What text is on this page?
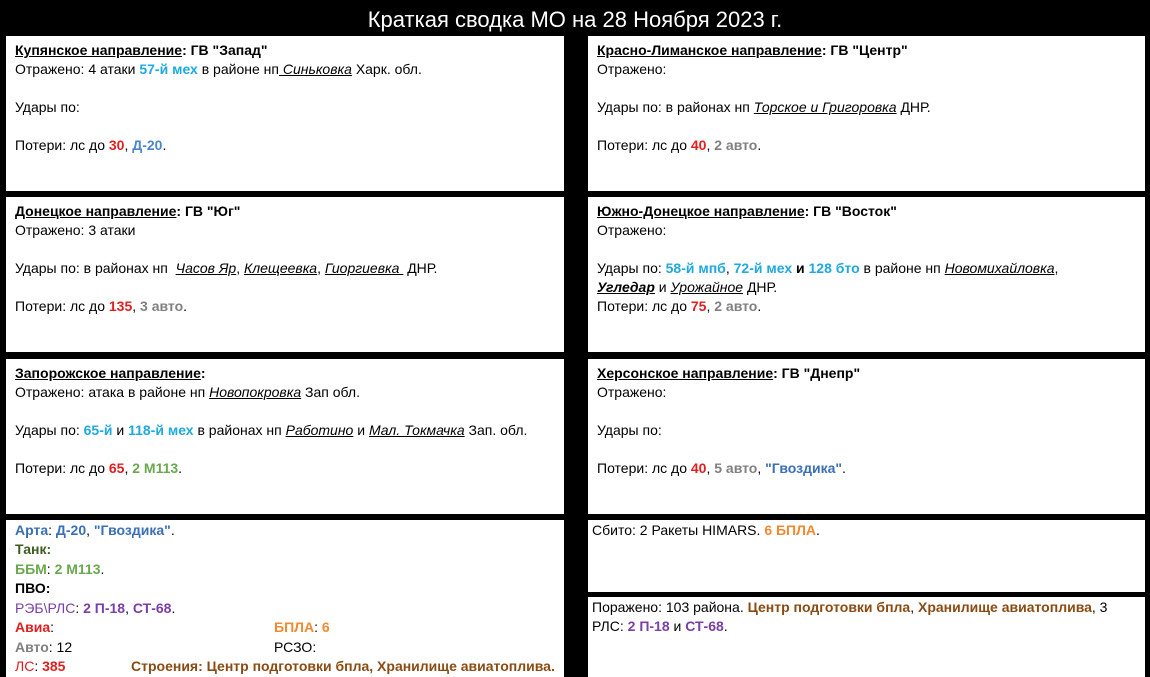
Краткая сводка МО на 28 Ноября 2023 г.
Купянское направление: ГВ "Запад"
Отражено: 4 атаки 57-й мех в районе нп Синьковка Харк. обл.
Удары по:
Потери: лс до 30, Д-20.
Красно-Лиманское направление: ГВ "Центр"
Отражено:
Удары по: в районах нп Торское и Григоровка ДНР.
Потери: лс до 40, 2 авто.
Донецкое направление: ГВ "Юг"
Отражено: 3 атаки
Удары по: в районах нп Часов Яр, Клещеевка, Гиоргиевка  ДНР.
Потери: лс до 135, 3 авто.
Южно-Донецкое направление: ГВ "Восток"
Отражено:
Удары по: 58-й мпб, 72-й мех и 128 бто в районе нп Новомихайловка,
Угледар и Урожайное ДНР.
Потери: лс до 75, 2 авто.
Запорожское направление:
Отражено: атака в районе нп Новопокровка Зап обл.
Удары по: 65-й и 118-й мех в районах нп Работино и Мал. Токмачка Зап. обл.
Потери: лс до 65, 2 М113.
Херсонское направление: ГВ "Днепр"
Отражено:
Удары по:
Потери: лс до 40, 5 авто, "Гвоздика".
Арта: Д-20, "Гвоздика".
Танк:
ББМ: 2 М113.
ПВО:
РЭБ\РЛС: 2 П-18, СТ-68.
Авиа:	БПЛА: 6
Авто: 12	РСЗО:
ЛС: 385	Строения: Центр подготовки бпла, Хранилище авиатоплива.
Сбито: 2 Ракеты HIMARS. 6 БПЛА.
Поражено: 103 района. Центр подготовки бпла, Хранилище авиатоплива, 3
РЛС: 2 П-18 и СТ-68.
